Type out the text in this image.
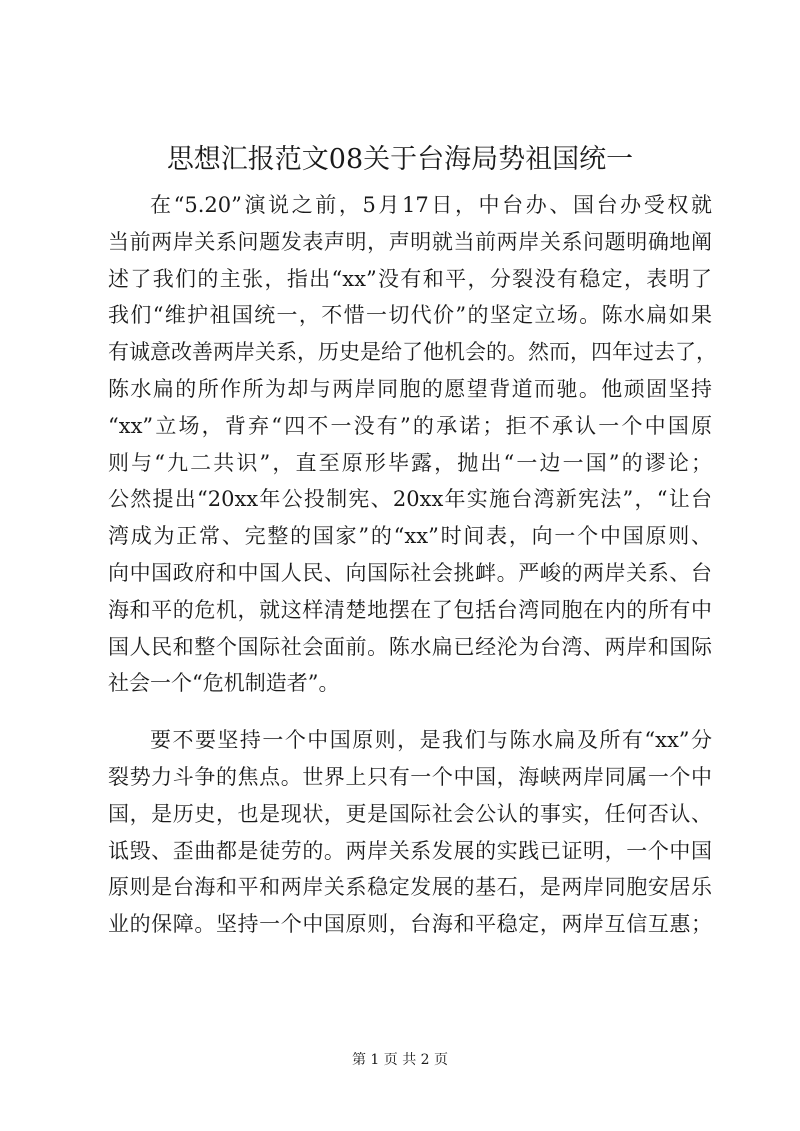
思想汇报范文08关于台海局势祖国统一
在“5.20”演说之前，5月17日，中台办、国台办受权就
当前两岸关系问题发表声明，声明就当前两岸关系问题明确地阐
述了我们的主张，指出“xx”没有和平，分裂没有稳定，表明了
我们“维护祖国统一，不惜一切代价”的坚定立场。陈水扁如果
有诚意改善两岸关系，历史是给了他机会的。然而，四年过去了，
陈水扁的所作所为却与两岸同胞的愿望背道而驰。他顽固坚持
“xx”立场，背弃“四不一没有”的承诺；拒不承认一个中国原
则与“九二共识”，直至原形毕露，抛出“一边一国”的谬论；
公然提出“20xx年公投制宪、20xx年实施台湾新宪法”，“让台
湾成为正常、完整的国家”的“xx”时间表，向一个中国原则、
向中国政府和中国人民、向国际社会挑衅。严峻的两岸关系、台
海和平的危机，就这样清楚地摆在了包括台湾同胞在内的所有中
国人民和整个国际社会面前。陈水扁已经沦为台湾、两岸和国际
社会一个“危机制造者”。
要不要坚持一个中国原则，是我们与陈水扁及所有“xx”分
裂势力斗争的焦点。世界上只有一个中国，海峡两岸同属一个中
国，是历史，也是现状，更是国际社会公认的事实，任何否认、
诋毁、歪曲都是徒劳的。两岸关系发展的实践已证明，一个中国
原则是台海和平和两岸关系稳定发展的基石，是两岸同胞安居乐
业的保障。坚持一个中国原则，台海和平稳定，两岸互信互惠；
第 1 页 共 2 页
